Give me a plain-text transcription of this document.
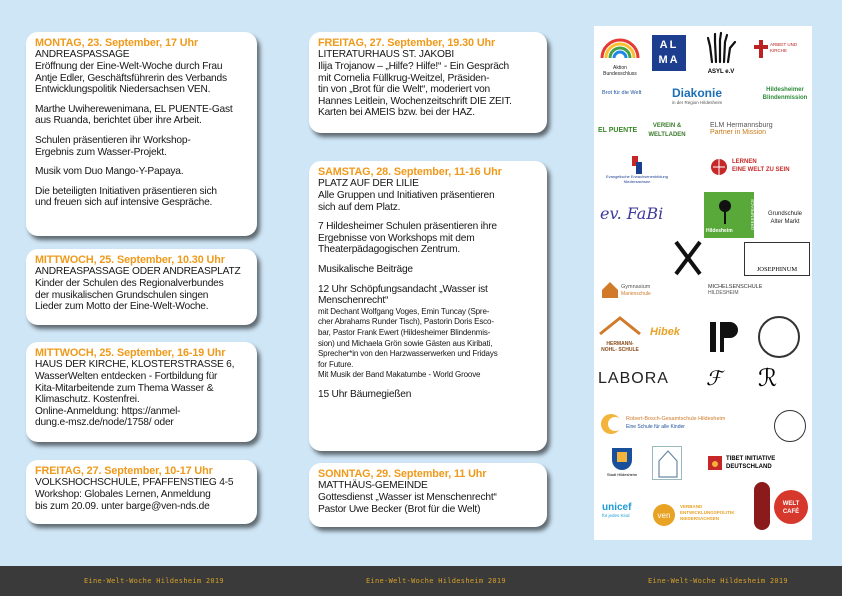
MONTAG, 23. September, 17 Uhr
ANDREASPASSAGE
Eröffnung der Eine-Welt-Woche durch Frau
Antje Edler, Geschäftsführerin des Verbands
Entwicklungspolitik Niedersachsen VEN.
Marthe Uwiherewenimana, EL PUENTE-Gast
aus Ruanda, berichtet über ihre Arbeit.
Schulen präsentieren ihr Workshop-
Ergebnis zum Wasser-Projekt.
Musik vom Duo Mango-Y-Papaya.
Die beteiligten Initiativen präsentieren sich
und freuen sich auf intensive Gespräche.
MITTWOCH, 25. September, 10.30 Uhr
ANDREASPASSAGE ODER ANDREASPLATZ
Kinder der Schulen des Regionalverbundes
der musikalischen Grundschulen singen
Lieder zum Motto der Eine-Welt-Woche.
MITTWOCH, 25. September, 16-19 Uhr
HAUS DER KIRCHE, KLOSTERSTRASSE 6,
WasserWelten entdecken - Fortbildung für
Kita-Mitarbeitende zum Thema Wasser &
Klimaschutz. Kostenfrei.
Online-Anmeldung: https://anmel-
dung.e-msz.de/node/1758/ oder
FREITAG, 27. September, 10-17 Uhr
VOLKSHOCHSCHULE, PFAFFENSTIEG 4-5
Workshop: Globales Lernen, Anmeldung
bis zum 20.09. unter barge@ven-nds.de
FREITAG, 27. September, 19.30 Uhr
LITERATURHAUS ST. JAKOBI
Ilija Trojanow – „Hilfe? Hilfe!“ - Ein Gespräch
mit Cornelia Füllkrug-Weitzel, Präsiden-
tin von „Brot für die Welt“, moderiert von
Hannes Leitlein, Wochenzeitschrift DIE ZEIT.
Karten bei AMEIS bzw. bei der HAZ.
SAMSTAG, 28. September, 11-16 Uhr
PLATZ AUF DER LILIE
Alle Gruppen und Initiativen präsentieren
sich auf dem Platz.
7 Hildesheimer Schulen präsentieren ihre
Ergebnisse von Workshops mit dem
Theaterpädagogischen Zentrum.
Musikalische Beiträge
12 Uhr Schöpfungsandacht „Wasser ist
Menschenrecht“
mit Dechant Wolfgang Voges, Emin Tuncay (Spre-
cher Abrahams Runder Tisch), Pastorin Doris Esco-
bar, Pastor Frank Ewert (Hildesheimer Blindenmis-
sion) und Michaela Grön sowie Gästen aus Kiribati,
Sprecher*in von den Harzwasserwerken und Fridays
for Future.
Mit Musik der Band Makatumbe - World Groove
15 Uhr Bäumegießen
SONNTAG, 29. September, 11 Uhr
MATTHÄUS-GEMEINDE
Gottesdienst „Wasser ist Menschenrecht“
Pastor Uwe Becker (Brot für die Welt)
Aktion Bundesschluss
AL MA
ASYL e.V
ARBEIT UND KIRCHE
Brot für die Welt	Diakonie
in der Region Hildesheim
Hildesheimer Blindenmission
EL PUENTE
VEREIN &
WELTLADEN
ELM Hermannsburg
Partner in Mission
Evangelische Erwachsenenbildung Niedersachsen
LERNEN
EINE WELT ZU SEIN
ev. FaBi
Hildesheim
GREENPEACE	Grundschule
Alter Markt
JOSEPHINUM
Gymnasium
Marienschule
MICHELSENSCHULE
HILDESHEIM
HERMANN- NOHL- SCHULE
Hibek
LABORA	ℱ	ℛ
Robert-Bosch-Gesamtschule Hildesheim
Eine Schule für alle Kinder
Stadt Hildesheim
TIBET INITIATIVE
DEUTSCHLAND
unicef
für jedes Kind	ven
VERBAND
ENTWICKLUNGSPOLITIK
NIEDERSACHSEN
WELT CAFÉ
Eine-Welt-Woche Hildesheim 2019	Eine-Welt-Woche Hildesheim 2019	Eine-Welt-Woche Hildesheim 2019
